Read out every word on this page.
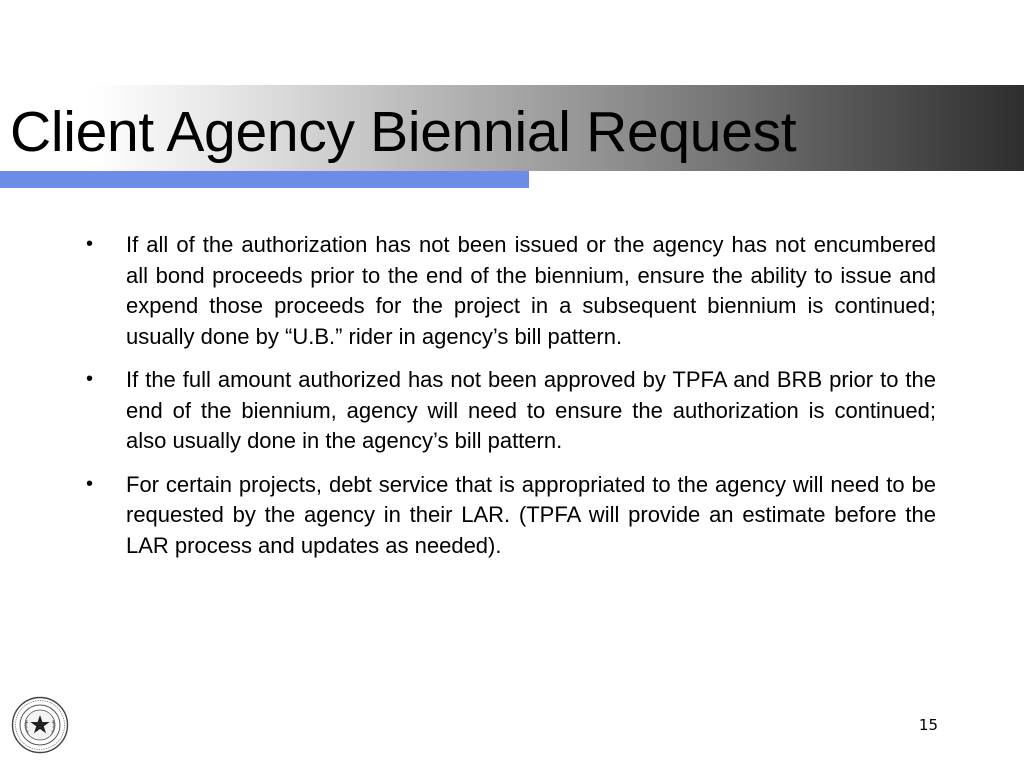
Client Agency Biennial Request
• If all of the authorization has not been issued or the agency has not encumbered all bond proceeds prior to the end of the biennium, ensure the ability to issue and expend those proceeds for the project in a subsequent biennium is continued; usually done by “U.B.” rider in agency’s bill pattern.
• If the full amount authorized has not been approved by TPFA and BRB prior to the end of the biennium, agency will need to ensure the authorization is continued; also usually done in the agency’s bill pattern.
• For certain projects, debt service that is appropriated to the agency will need to be requested by the agency in their LAR. (TPFA will provide an estimate before the LAR process and updates as needed).
15
